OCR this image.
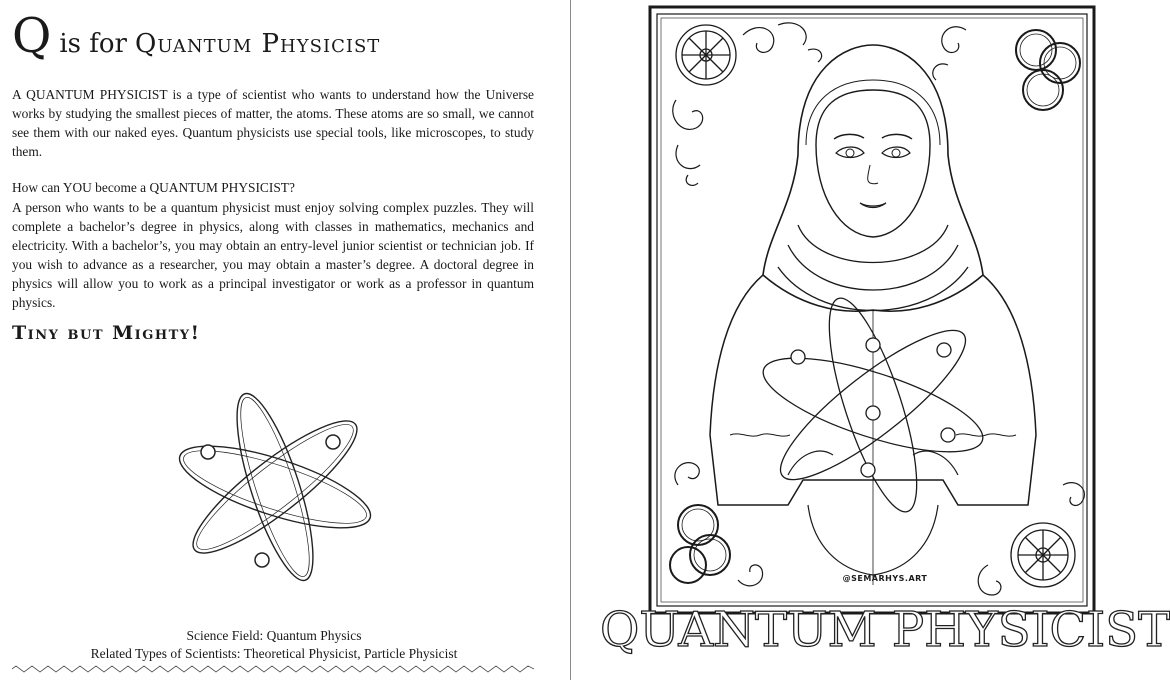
Q is for Quantum Physicist

A QUANTUM PHYSICIST is a type of scientist who wants to understand how the Universe works by studying the smallest pieces of matter, the atoms. These atoms are so small, we cannot see them with our naked eyes. Quantum physicists use special tools, like microscopes, to study them.

How can YOU become a QUANTUM PHYSICIST?

A person who wants to be a quantum physicist must enjoy solving complex puzzles. They will complete a bachelor’s degree in physics, along with classes in mathematics, mechanics and electricity. With a bachelor’s, you may obtain an entry-level junior scientist or technician job. If you wish to advance as a researcher, you may obtain a master’s degree. A doctoral degree in physics will allow you to work as a principal investigator or work as a professor in quantum physics.

Tiny but Mighty!

Science Field: Quantum Physics

Related Types of Scientists: Theoretical Physicist, Particle Physicist

@SEMARHYS.ART

QUANTUM PHYSICIST
